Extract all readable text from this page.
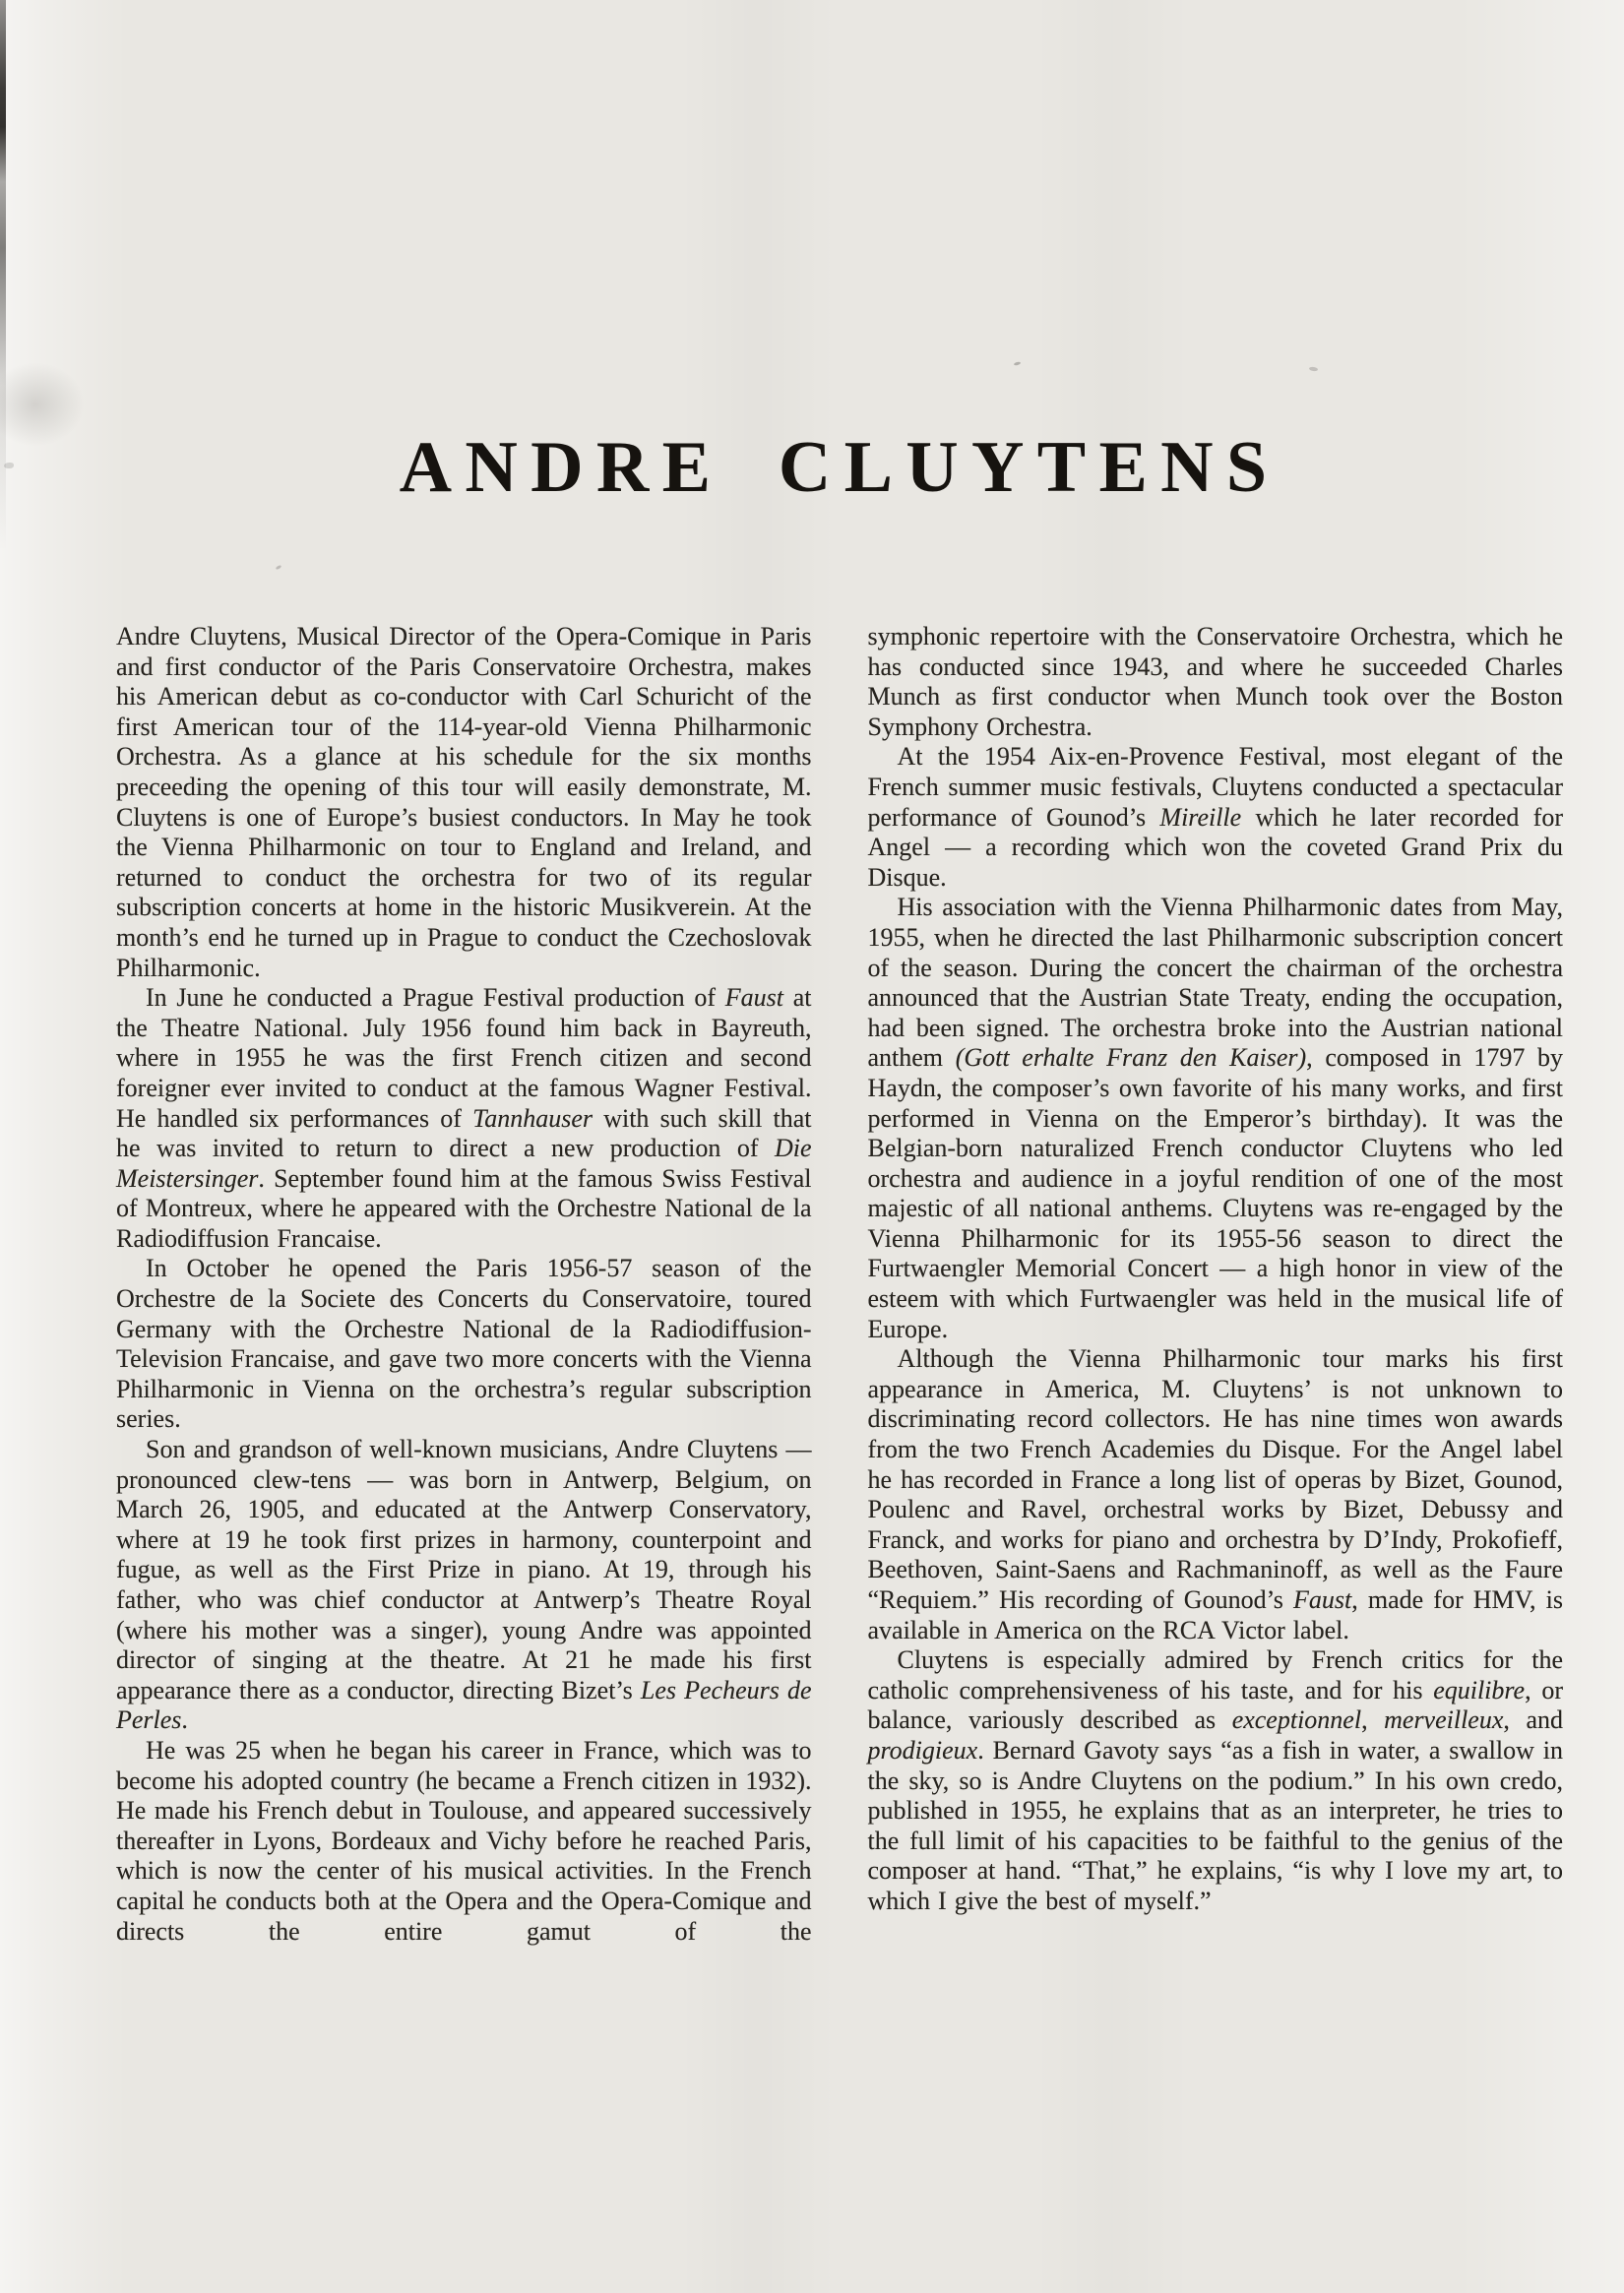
ANDRE CLUYTENS

Andre Cluytens, Musical Director of the Opera-Comique in Paris and first conductor of the Paris Conservatoire Orchestra, makes his American debut as co-conductor with Carl Schuricht of the first American tour of the 114-year-old Vienna Philharmonic Orchestra. As a glance at his schedule for the six months preceeding the opening of this tour will easily demonstrate, M. Cluytens is one of Europe’s busiest conductors. In May he took the Vienna Philharmonic on tour to England and Ireland, and returned to conduct the orchestra for two of its regular subscription concerts at home in the historic Musikverein. At the month’s end he turned up in Prague to conduct the Czechoslovak Philharmonic.

In June he conducted a Prague Festival production of Faust at the Theatre National. July 1956 found him back in Bayreuth, where in 1955 he was the first French citizen and second foreigner ever invited to conduct at the famous Wagner Festival. He handled six performances of Tannhauser with such skill that he was invited to return to direct a new production of Die Meistersinger. September found him at the famous Swiss Festival of Montreux, where he appeared with the Orchestre National de la Radiodiffusion Francaise.

In October he opened the Paris 1956-57 season of the Orchestre de la Societe des Concerts du Conservatoire, toured Germany with the Orchestre National de la Radiodiffusion-Television Francaise, and gave two more concerts with the Vienna Philharmonic in Vienna on the orchestra’s regular subscription series.

Son and grandson of well-known musicians, Andre Cluytens — pronounced clew-tens — was born in Antwerp, Belgium, on March 26, 1905, and educated at the Antwerp Conservatory, where at 19 he took first prizes in harmony, counterpoint and fugue, as well as the First Prize in piano. At 19, through his father, who was chief conductor at Antwerp’s Theatre Royal (where his mother was a singer), young Andre was appointed director of singing at the theatre. At 21 he made his first appearance there as a conductor, directing Bizet’s Les Pecheurs de Perles.

He was 25 when he began his career in France, which was to become his adopted country (he became a French citizen in 1932). He made his French debut in Toulouse, and appeared successively thereafter in Lyons, Bordeaux and Vichy before he reached Paris, which is now the center of his musical activities. In the French capital he conducts both at the Opera and the Opera-Comique and directs the entire gamut of the

symphonic repertoire with the Conservatoire Orchestra, which he has conducted since 1943, and where he succeeded Charles Munch as first conductor when Munch took over the Boston Symphony Orchestra.

At the 1954 Aix-en-Provence Festival, most elegant of the French summer music festivals, Cluytens conducted a spectacular performance of Gounod’s Mireille which he later recorded for Angel — a recording which won the coveted Grand Prix du Disque.

His association with the Vienna Philharmonic dates from May, 1955, when he directed the last Philharmonic subscription concert of the season. During the concert the chairman of the orchestra announced that the Austrian State Treaty, ending the occupation, had been signed. The orchestra broke into the Austrian national anthem (Gott erhalte Franz den Kaiser), composed in 1797 by Haydn, the composer’s own favorite of his many works, and first performed in Vienna on the Emperor’s birthday). It was the Belgian-born naturalized French conductor Cluytens who led orchestra and audience in a joyful rendition of one of the most majestic of all national anthems. Cluytens was re-engaged by the Vienna Philharmonic for its 1955-56 season to direct the Furtwaengler Memorial Concert — a high honor in view of the esteem with which Furtwaengler was held in the musical life of Europe.

Although the Vienna Philharmonic tour marks his first appearance in America, M. Cluytens’ is not unknown to discriminating record collectors. He has nine times won awards from the two French Academies du Disque. For the Angel label he has recorded in France a long list of operas by Bizet, Gounod, Poulenc and Ravel, orchestral works by Bizet, Debussy and Franck, and works for piano and orchestra by D’Indy, Prokofieff, Beethoven, Saint-Saens and Rachmaninoff, as well as the Faure “Requiem.” His recording of Gounod’s Faust, made for HMV, is available in America on the RCA Victor label.

Cluytens is especially admired by French critics for the catholic comprehensiveness of his taste, and for his equilibre, or balance, variously described as exceptionnel, merveilleux, and prodigieux. Bernard Gavoty says “as a fish in water, a swallow in the sky, so is Andre Cluytens on the podium.” In his own credo, published in 1955, he explains that as an interpreter, he tries to the full limit of his capacities to be faithful to the genius of the composer at hand. “That,” he explains, “is why I love my art, to which I give the best of myself.”
